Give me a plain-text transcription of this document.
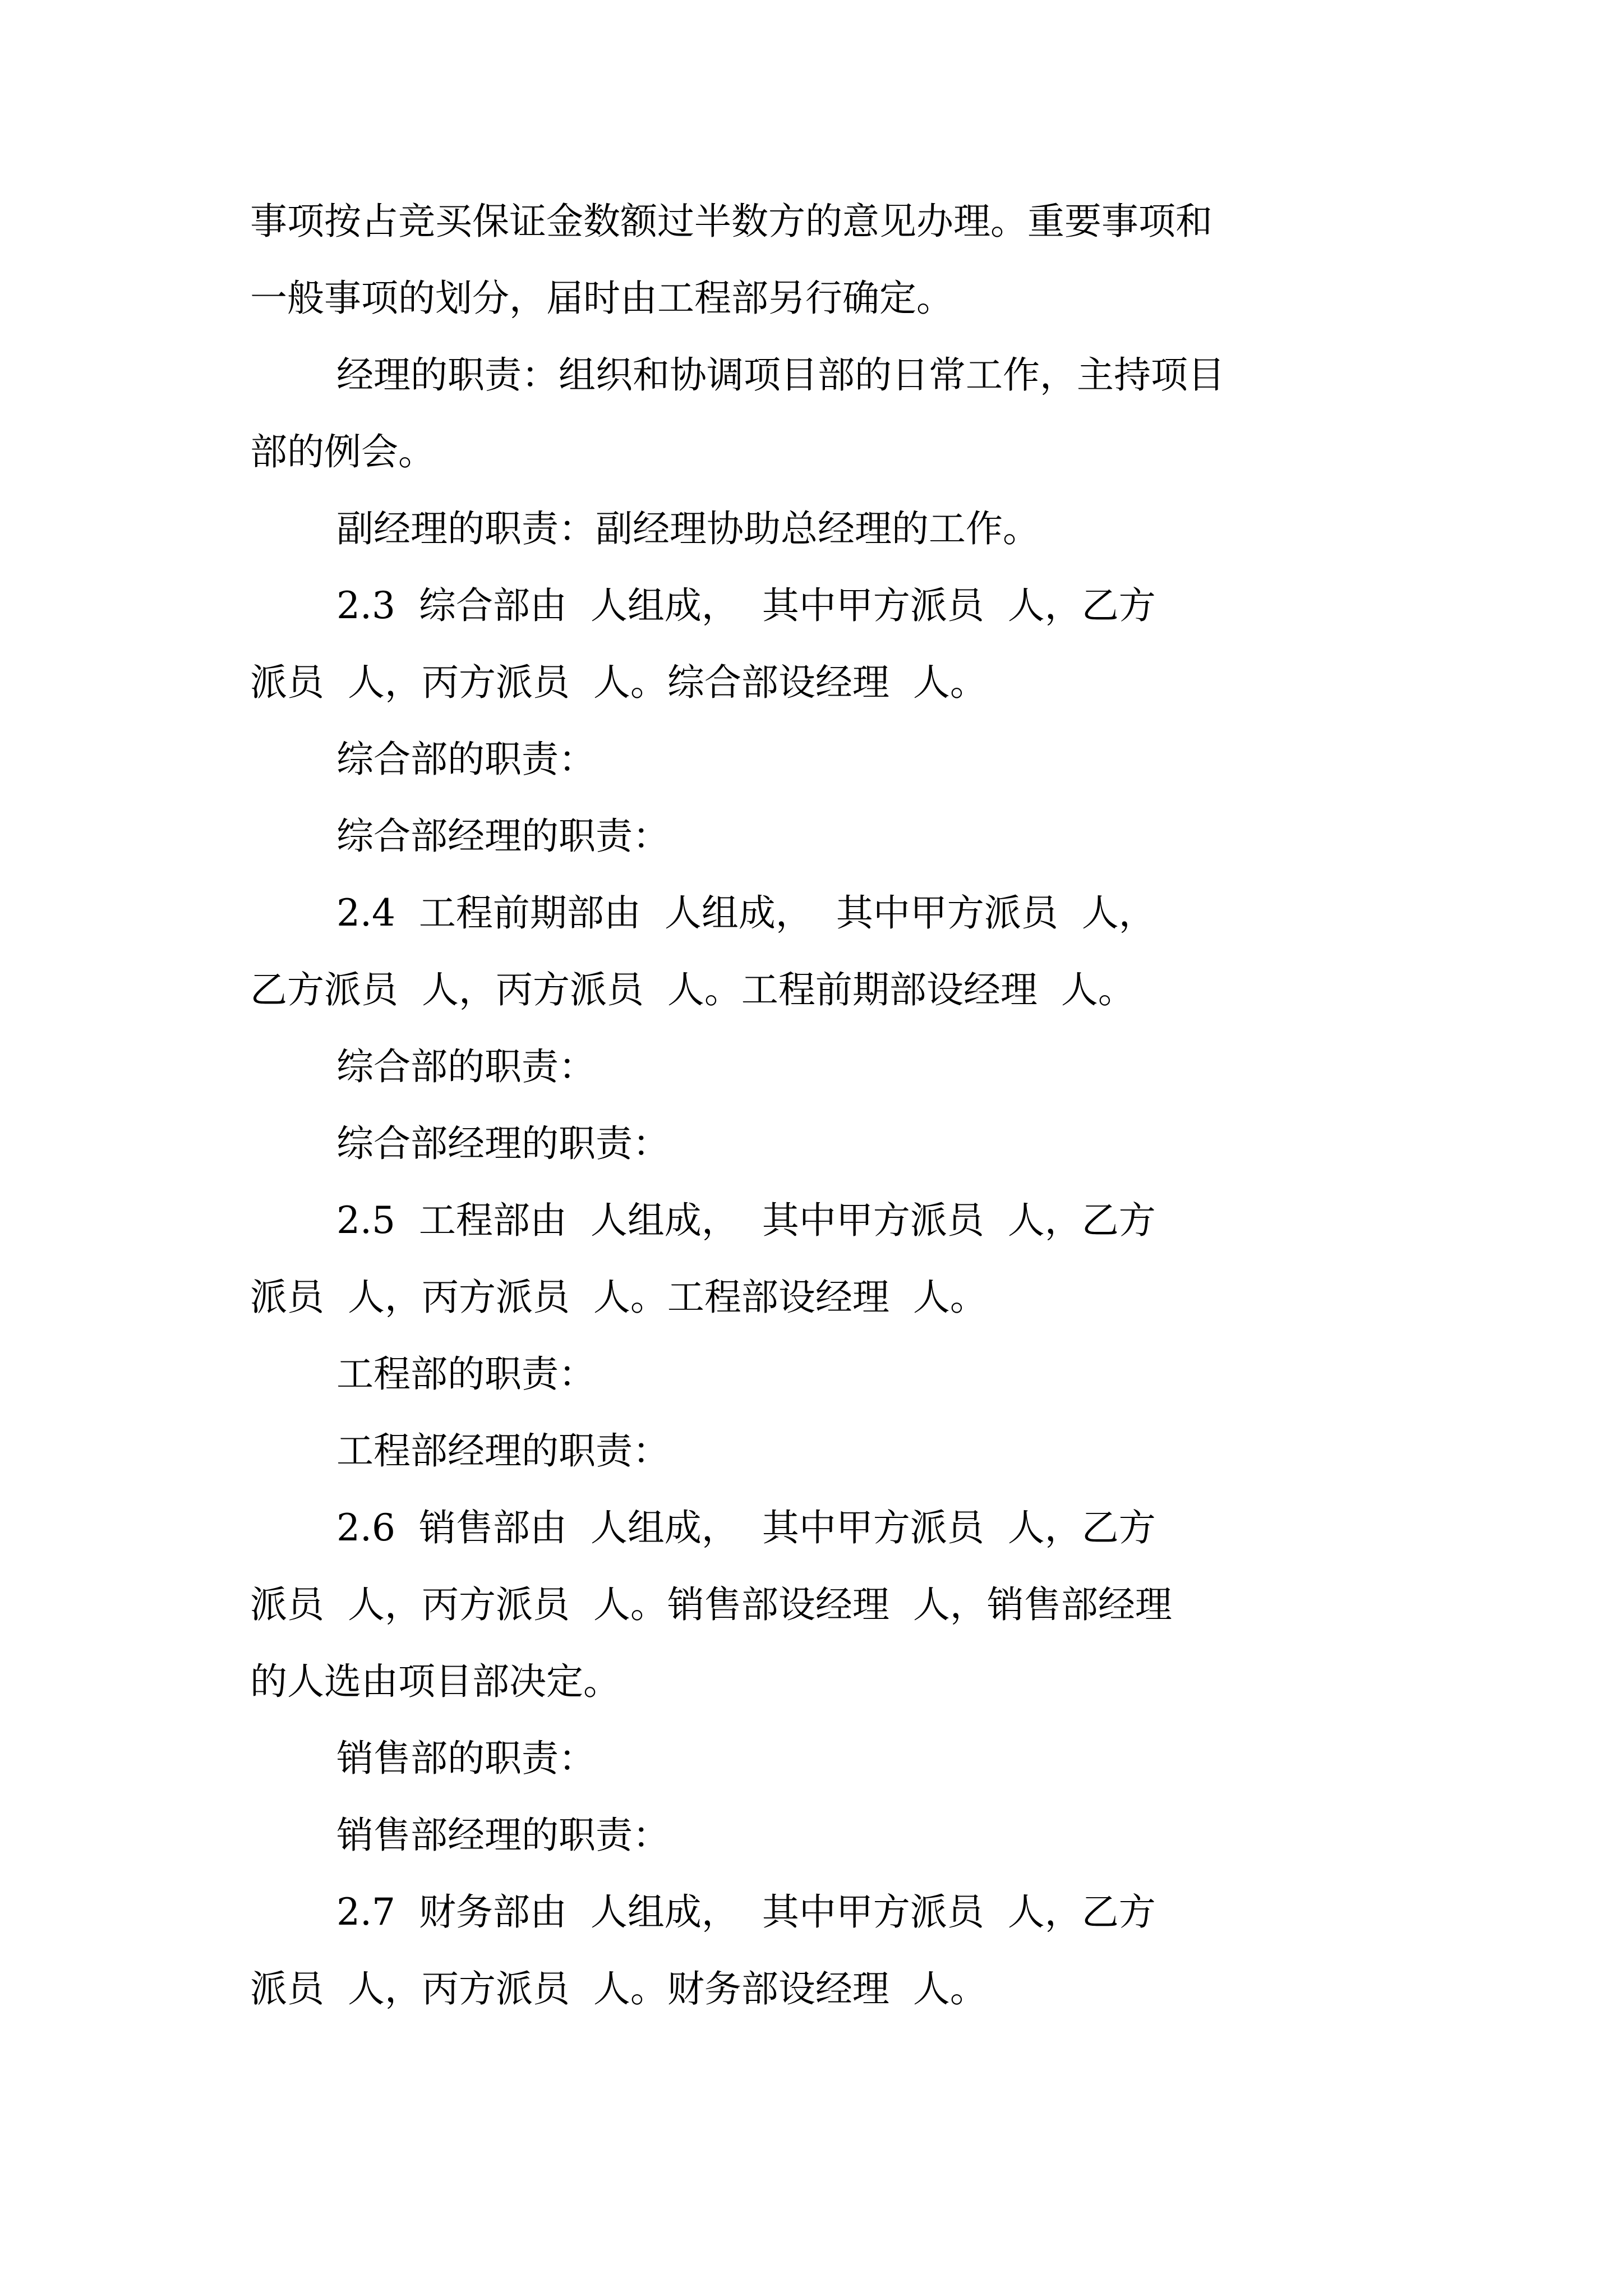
事项按占竞买保证金数额过半数方的意见办理。重要事项和
一般事项的划分，届时由工程部另行确定。
经理的职责：组织和协调项目部的日常工作，主持项目
部的例会。
副经理的职责：副经理协助总经理的工作。
2.3  综合部由  人组成，  其中甲方派员  人，乙方
派员  人，丙方派员  人。综合部设经理  人。
综合部的职责：
综合部经理的职责：
2.4  工程前期部由  人组成，  其中甲方派员  人，
乙方派员  人，丙方派员  人。工程前期部设经理  人。
综合部的职责：
综合部经理的职责：
2.5  工程部由  人组成，  其中甲方派员  人，乙方
派员  人，丙方派员  人。工程部设经理  人。
工程部的职责：
工程部经理的职责：
2.6  销售部由  人组成，  其中甲方派员  人，乙方
派员  人，丙方派员  人。销售部设经理  人，销售部经理
的人选由项目部决定。
销售部的职责：
销售部经理的职责：
2.7  财务部由  人组成，  其中甲方派员  人，乙方
派员  人，丙方派员  人。财务部设经理  人。
